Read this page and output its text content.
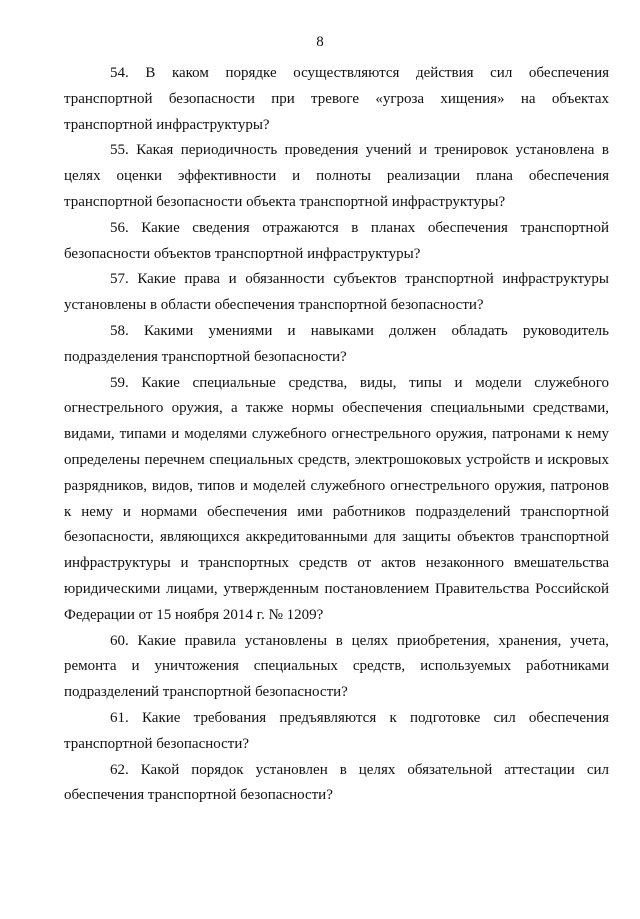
8

54. В каком порядке осуществляются действия сил обеспечения транспортной безопасности при тревоге «угроза хищения» на объектах транспортной инфраструктуры?

55. Какая периодичность проведения учений и тренировок установлена в целях оценки эффективности и полноты реализации плана обеспечения транспортной безопасности объекта транспортной инфраструктуры?

56. Какие сведения отражаются в планах обеспечения транспортной безопасности объектов транспортной инфраструктуры?

57. Какие права и обязанности субъектов транспортной инфраструктуры установлены в области обеспечения транспортной безопасности?

58. Какими умениями и навыками должен обладать руководитель подразделения транспортной безопасности?

59. Какие специальные средства, виды, типы и модели служебного огнестрельного оружия, а также нормы обеспечения специальными средствами, видами, типами и моделями служебного огнестрельного оружия, патронами к нему определены перечнем специальных средств, электрошоковых устройств и искровых разрядников, видов, типов и моделей служебного огнестрельного оружия, патронов к нему и нормами обеспечения ими работников подразделений транспортной безопасности, являющихся аккредитованными для защиты объектов транспортной инфраструктуры и транспортных средств от актов незаконного вмешательства юридическими лицами, утвержденным постановлением Правительства Российской Федерации от 15 ноября 2014 г. № 1209?

60. Какие правила установлены в целях приобретения, хранения, учета, ремонта и уничтожения специальных средств, используемых работниками подразделений транспортной безопасности?

61. Какие требования предъявляются к подготовке сил обеспечения транспортной безопасности?

62. Какой порядок установлен в целях обязательной аттестации сил обеспечения транспортной безопасности?
